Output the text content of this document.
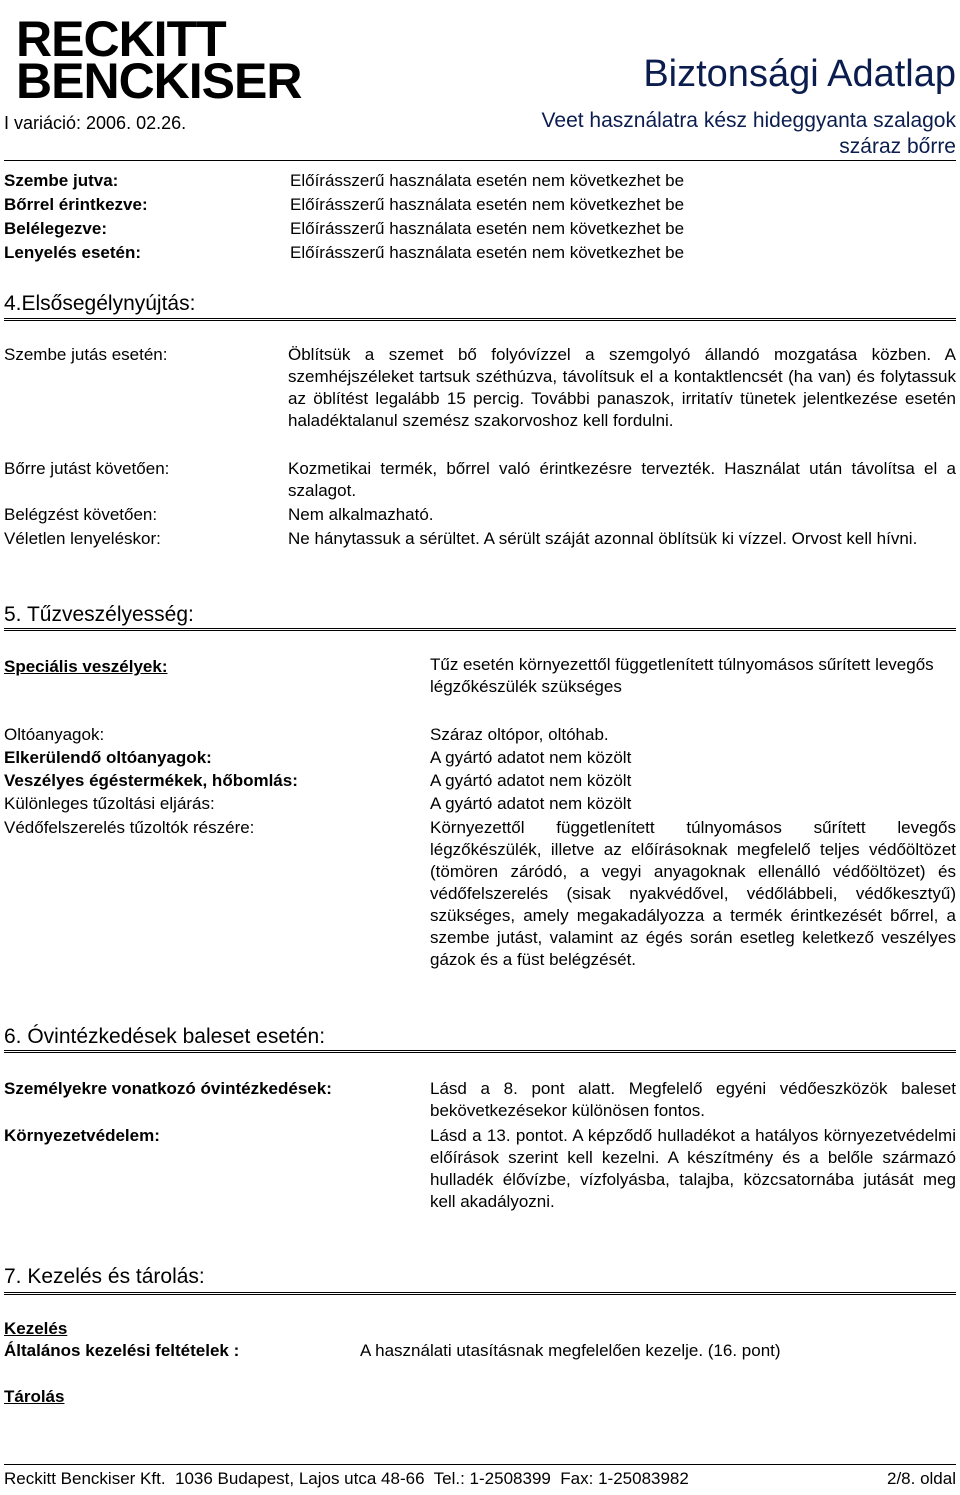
RECKITT
BENCKISER
I variáció: 2006. 02.26.
Biztonsági Adatlap
Veet használatra kész hideggyanta szalagok
száraz bőrre
Szembe jutva:	Előírásszerű használata esetén nem következhet be
Bőrrel érintkezve:	Előírásszerű használata esetén nem következhet be
Belélegezve:	Előírásszerű használata esetén nem következhet be
Lenyelés esetén:	Előírásszerű használata esetén nem következhet be
4.Elsősegélynyújtás:
Szembe jutás esetén:	Öblítsük a szemet bő folyóvízzel a szemgolyó állandó mozgatása közben. A szemhéjszéleket tartsuk széthúzva, távolítsuk el a kontaktlencsét (ha van) és folytassuk az öblítést legalább 15 percig. További panaszok, irritatív tünetek jelentkezése esetén haladéktalanul szemész szakorvoshoz kell fordulni.
Bőrre jutást követően:	Kozmetikai termék, bőrrel való érintkezésre tervezték. Használat után távolítsa el a szalagot.
Belégzést követően:	Nem alkalmazható.
Véletlen lenyeléskor:	Ne hánytassuk a sérültet. A sérült száját azonnal öblítsük ki vízzel. Orvost kell hívni.
5. Tűzveszélyesség:
Speciális veszélyek:	Tűz esetén környezettől függetlenített túlnyomásos sűrített levegős légzőkészülék szükséges
Oltóanyagok:	Száraz oltópor, oltóhab.
Elkerülendő oltóanyagok:	A gyártó adatot nem közölt
Veszélyes égéstermékek, hőbomlás:	A gyártó adatot nem közölt
Különleges tűzoltási eljárás:	A gyártó adatot nem közölt
Védőfelszerelés tűzoltók részére:	Környezettől függetlenített túlnyomásos sűrített levegős légzőkészülék, illetve az előírásoknak megfelelő teljes védőöltözet (tömören záródó, a vegyi anyagoknak ellenálló védőöltözet) és védőfelszerelés (sisak nyakvédővel, védőlábbeli, védőkesztyű) szükséges, amely megakadályozza a termék érintkezését bőrrel, a szembe jutást, valamint az égés során esetleg keletkező veszélyes gázok és a füst belégzését.
6. Óvintézkedések baleset esetén:
Személyekre vonatkozó óvintézkedések:	Lásd a 8. pont alatt. Megfelelő egyéni védőeszközök baleset bekövetkezésekor különösen fontos.
Környezetvédelem:	Lásd a 13. pontot. A képződő hulladékot a hatályos környezetvédelmi előírások szerint kell kezelni. A készítmény és a belőle származó hulladék élővízbe, vízfolyásba, talajba, közcsatornába jutását meg kell akadályozni.
7. Kezelés és tárolás:
Kezelés
Általános kezelési feltételek :	A használati utasításnak megfelelően kezelje. (16. pont)
Tárolás
Reckitt Benckiser Kft.  1036 Budapest, Lajos utca 48-66  Tel.: 1-2508399  Fax: 1-25083982	2/8. oldal
